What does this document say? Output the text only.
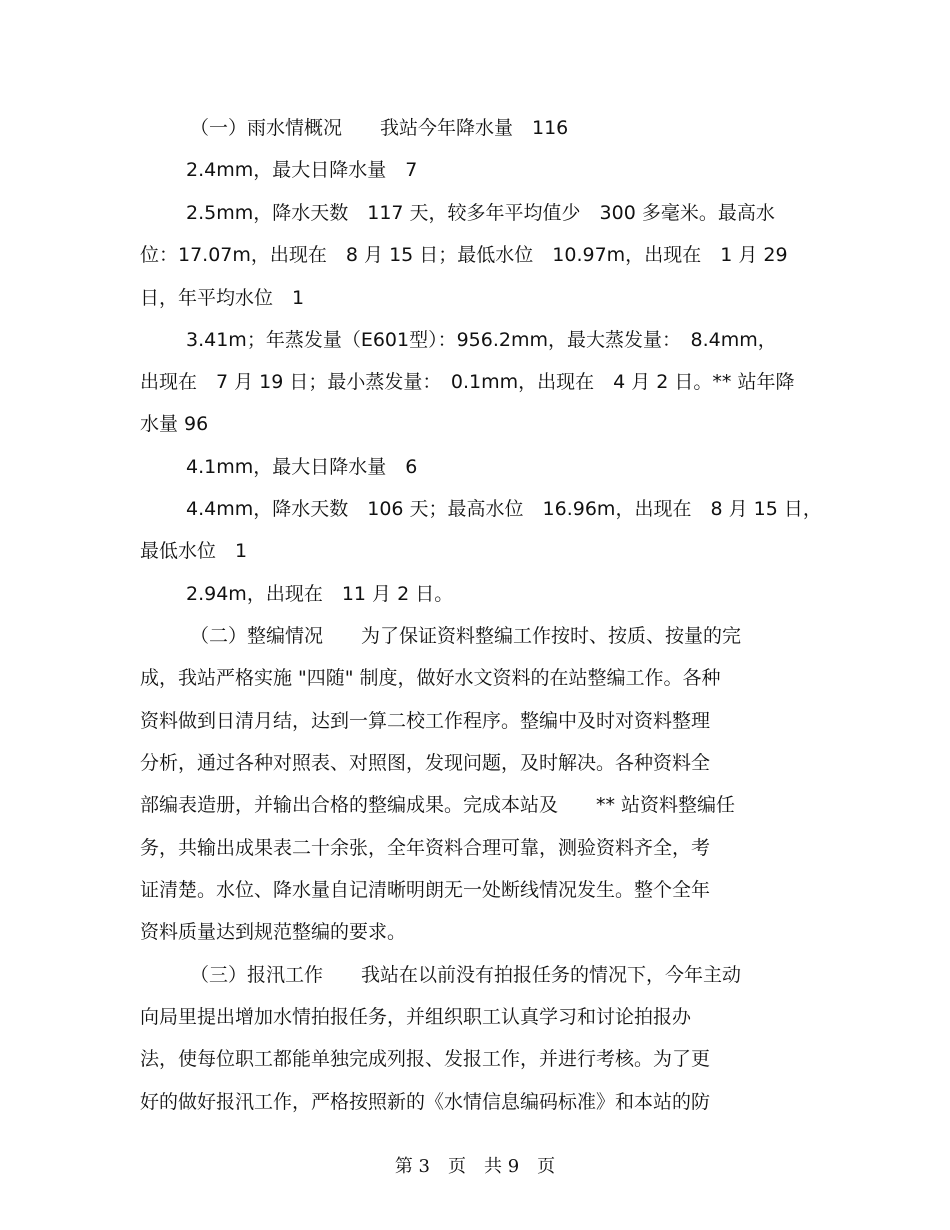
（一）雨水情概况　　我站今年降水量　116
2.4mm，最大日降水量　7
2.5mm，降水天数　117 天，较多年平均值少　300 多毫米。最高水
位：17.07m，出现在　8 月 15 日；最低水位　10.97m，出现在　1 月 29
日，年平均水位　1
3.41m；年蒸发量（E601型）：956.2mm，最大蒸发量：　8.4mm，
出现在　7 月 19 日；最小蒸发量：　0.1mm，出现在　4 月 2 日。** 站年降
水量 96
4.1mm，最大日降水量　6
4.4mm，降水天数　106 天；最高水位　16.96m，出现在　8 月 15 日，
最低水位　1
2.94m，出现在　11 月 2 日。
（二）整编情况　　为了保证资料整编工作按时、按质、按量的完
成，我站严格实施 "四随" 制度，做好水文资料的在站整编工作。各种
资料做到日清月结，达到一算二校工作程序。整编中及时对资料整理
分析，通过各种对照表、对照图，发现问题，及时解决。各种资料全
部编表造册，并输出合格的整编成果。完成本站及　　** 站资料整编任
务，共输出成果表二十余张，全年资料合理可靠，测验资料齐全，考
证清楚。水位、降水量自记清晰明朗无一处断线情况发生。整个全年
资料质量达到规范整编的要求。
（三）报汛工作　　我站在以前没有拍报任务的情况下，今年主动
向局里提出增加水情拍报任务，并组织职工认真学习和讨论拍报办
法，使每位职工都能单独完成列报、发报工作，并进行考核。为了更
好的做好报汛工作，严格按照新的《水情信息编码标准》和本站的防
第 3　页　共 9　页
